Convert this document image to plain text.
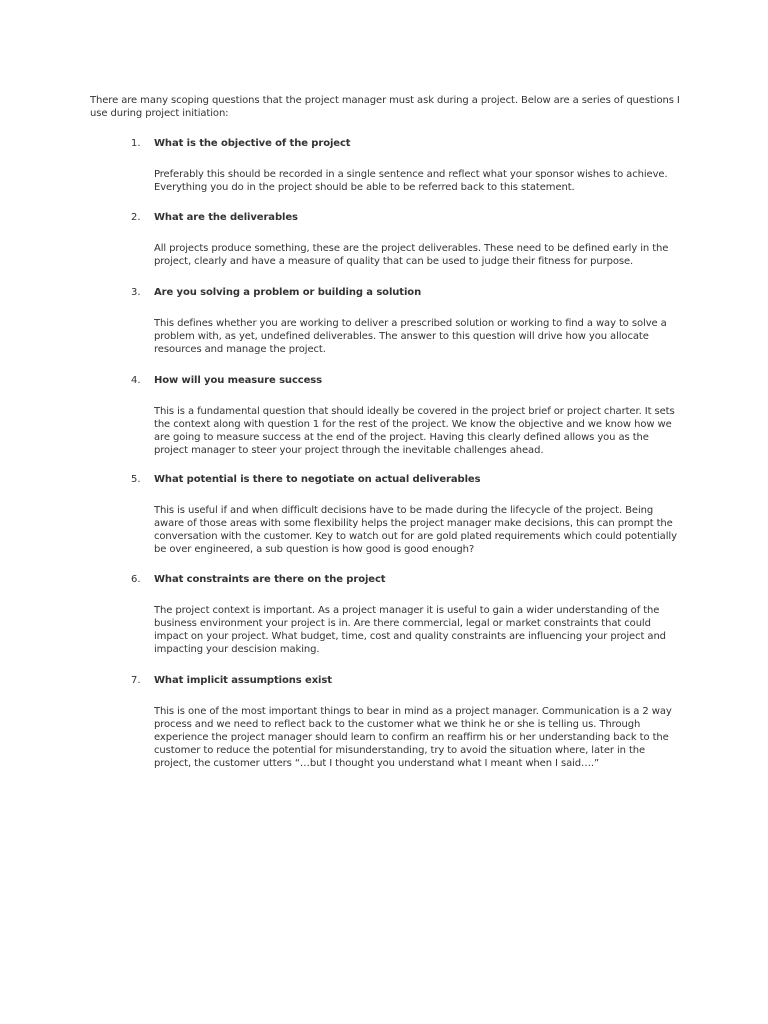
There are many scoping questions that the project manager must ask during a project. Below are a series of questions I use during project initiation:
1. What is the objective of the project
Preferably this should be recorded in a single sentence and reflect what your sponsor wishes to achieve. Everything you do in the project should be able to be referred back to this statement.
2. What are the deliverables
All projects produce something, these are the project deliverables. These need to be defined early in the project, clearly and have a measure of quality that can be used to judge their fitness for purpose.
3. Are you solving a problem or building a solution
This defines whether you are working to deliver a prescribed solution or working to find a way to solve a problem with, as yet, undefined deliverables. The answer to this question will drive how you allocate resources and manage the project.
4. How will you measure success
This is a fundamental question that should ideally be covered in the project brief or project charter. It sets the context along with question 1 for the rest of the project. We know the objective and we know how we are going to measure success at the end of the project. Having this clearly defined allows you as the project manager to steer your project through the inevitable challenges ahead.
5. What potential is there to negotiate on actual deliverables
This is useful if and when difficult decisions have to be made during the lifecycle of the project. Being aware of those areas with some flexibility helps the project manager make decisions, this can prompt the conversation with the customer. Key to watch out for are gold plated requirements which could potentially be over engineered, a sub question is how good is good enough?
6. What constraints are there on the project
The project context is important. As a project manager it is useful to gain a wider understanding of the business environment your project is in. Are there commercial, legal or market constraints that could impact on your project. What budget, time, cost and quality constraints are influencing your project and impacting your descision making.
7. What implicit assumptions exist
This is one of the most important things to bear in mind as a project manager. Communication is a 2 way process and we need to reflect back to the customer what we think he or she is telling us. Through experience the project manager should learn to confirm an reaffirm his or her understanding back to the customer to reduce the potential for misunderstanding, try to avoid the situation where, later in the project, the customer utters “…but I thought you understand what I meant when I said….”
